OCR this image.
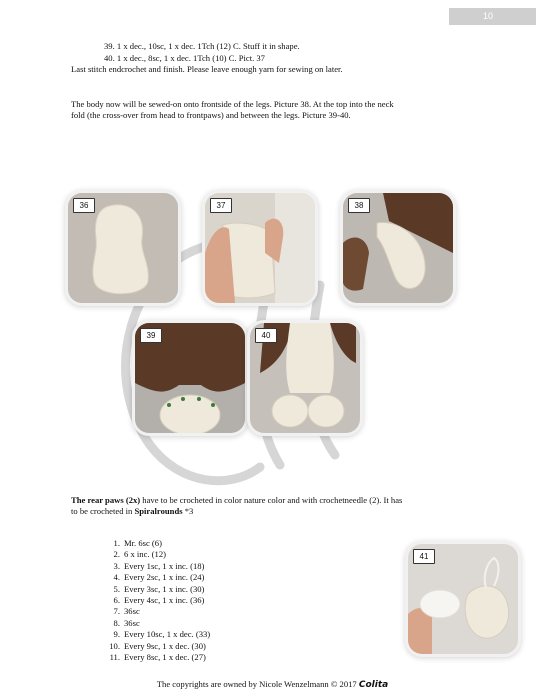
10
39. 1 x dec., 10sc, 1 x dec. 1Tch (12) C. Stuff it in shape.
40. 1 x dec., 8sc, 1 x dec. 1Tch (10) C. Pict. 37
Last stitch endcrochet and finish. Please leave enough yarn for sewing on later.
The body now will be sewed-on onto frontside of the legs. Picture 38. At the top into the neck
fold (the cross-over from head to frontpaws) and between the legs. Picture 39-40.
36	37	38
39	40
The rear paws (2x) have to be crocheted in color nature color and with crochetneedle (2). It has
to be crocheted in Spiralrounds *3
1. Mr. 6sc (6)
2. 6 x inc. (12)
3. Every 1sc, 1 x inc. (18)
4. Every 2sc, 1 x inc. (24)
5. Every 3sc, 1 x inc. (30)
6. Every 4sc, 1 x inc. (36)
7. 36sc
8. 36sc
9. Every 10sc, 1 x dec. (33)
10. Every 9sc, 1 x dec. (30)
11. Every 8sc, 1 x dec. (27)
41
The copyrights are owned by Nicole Wenzelmann © 2017 Colita
